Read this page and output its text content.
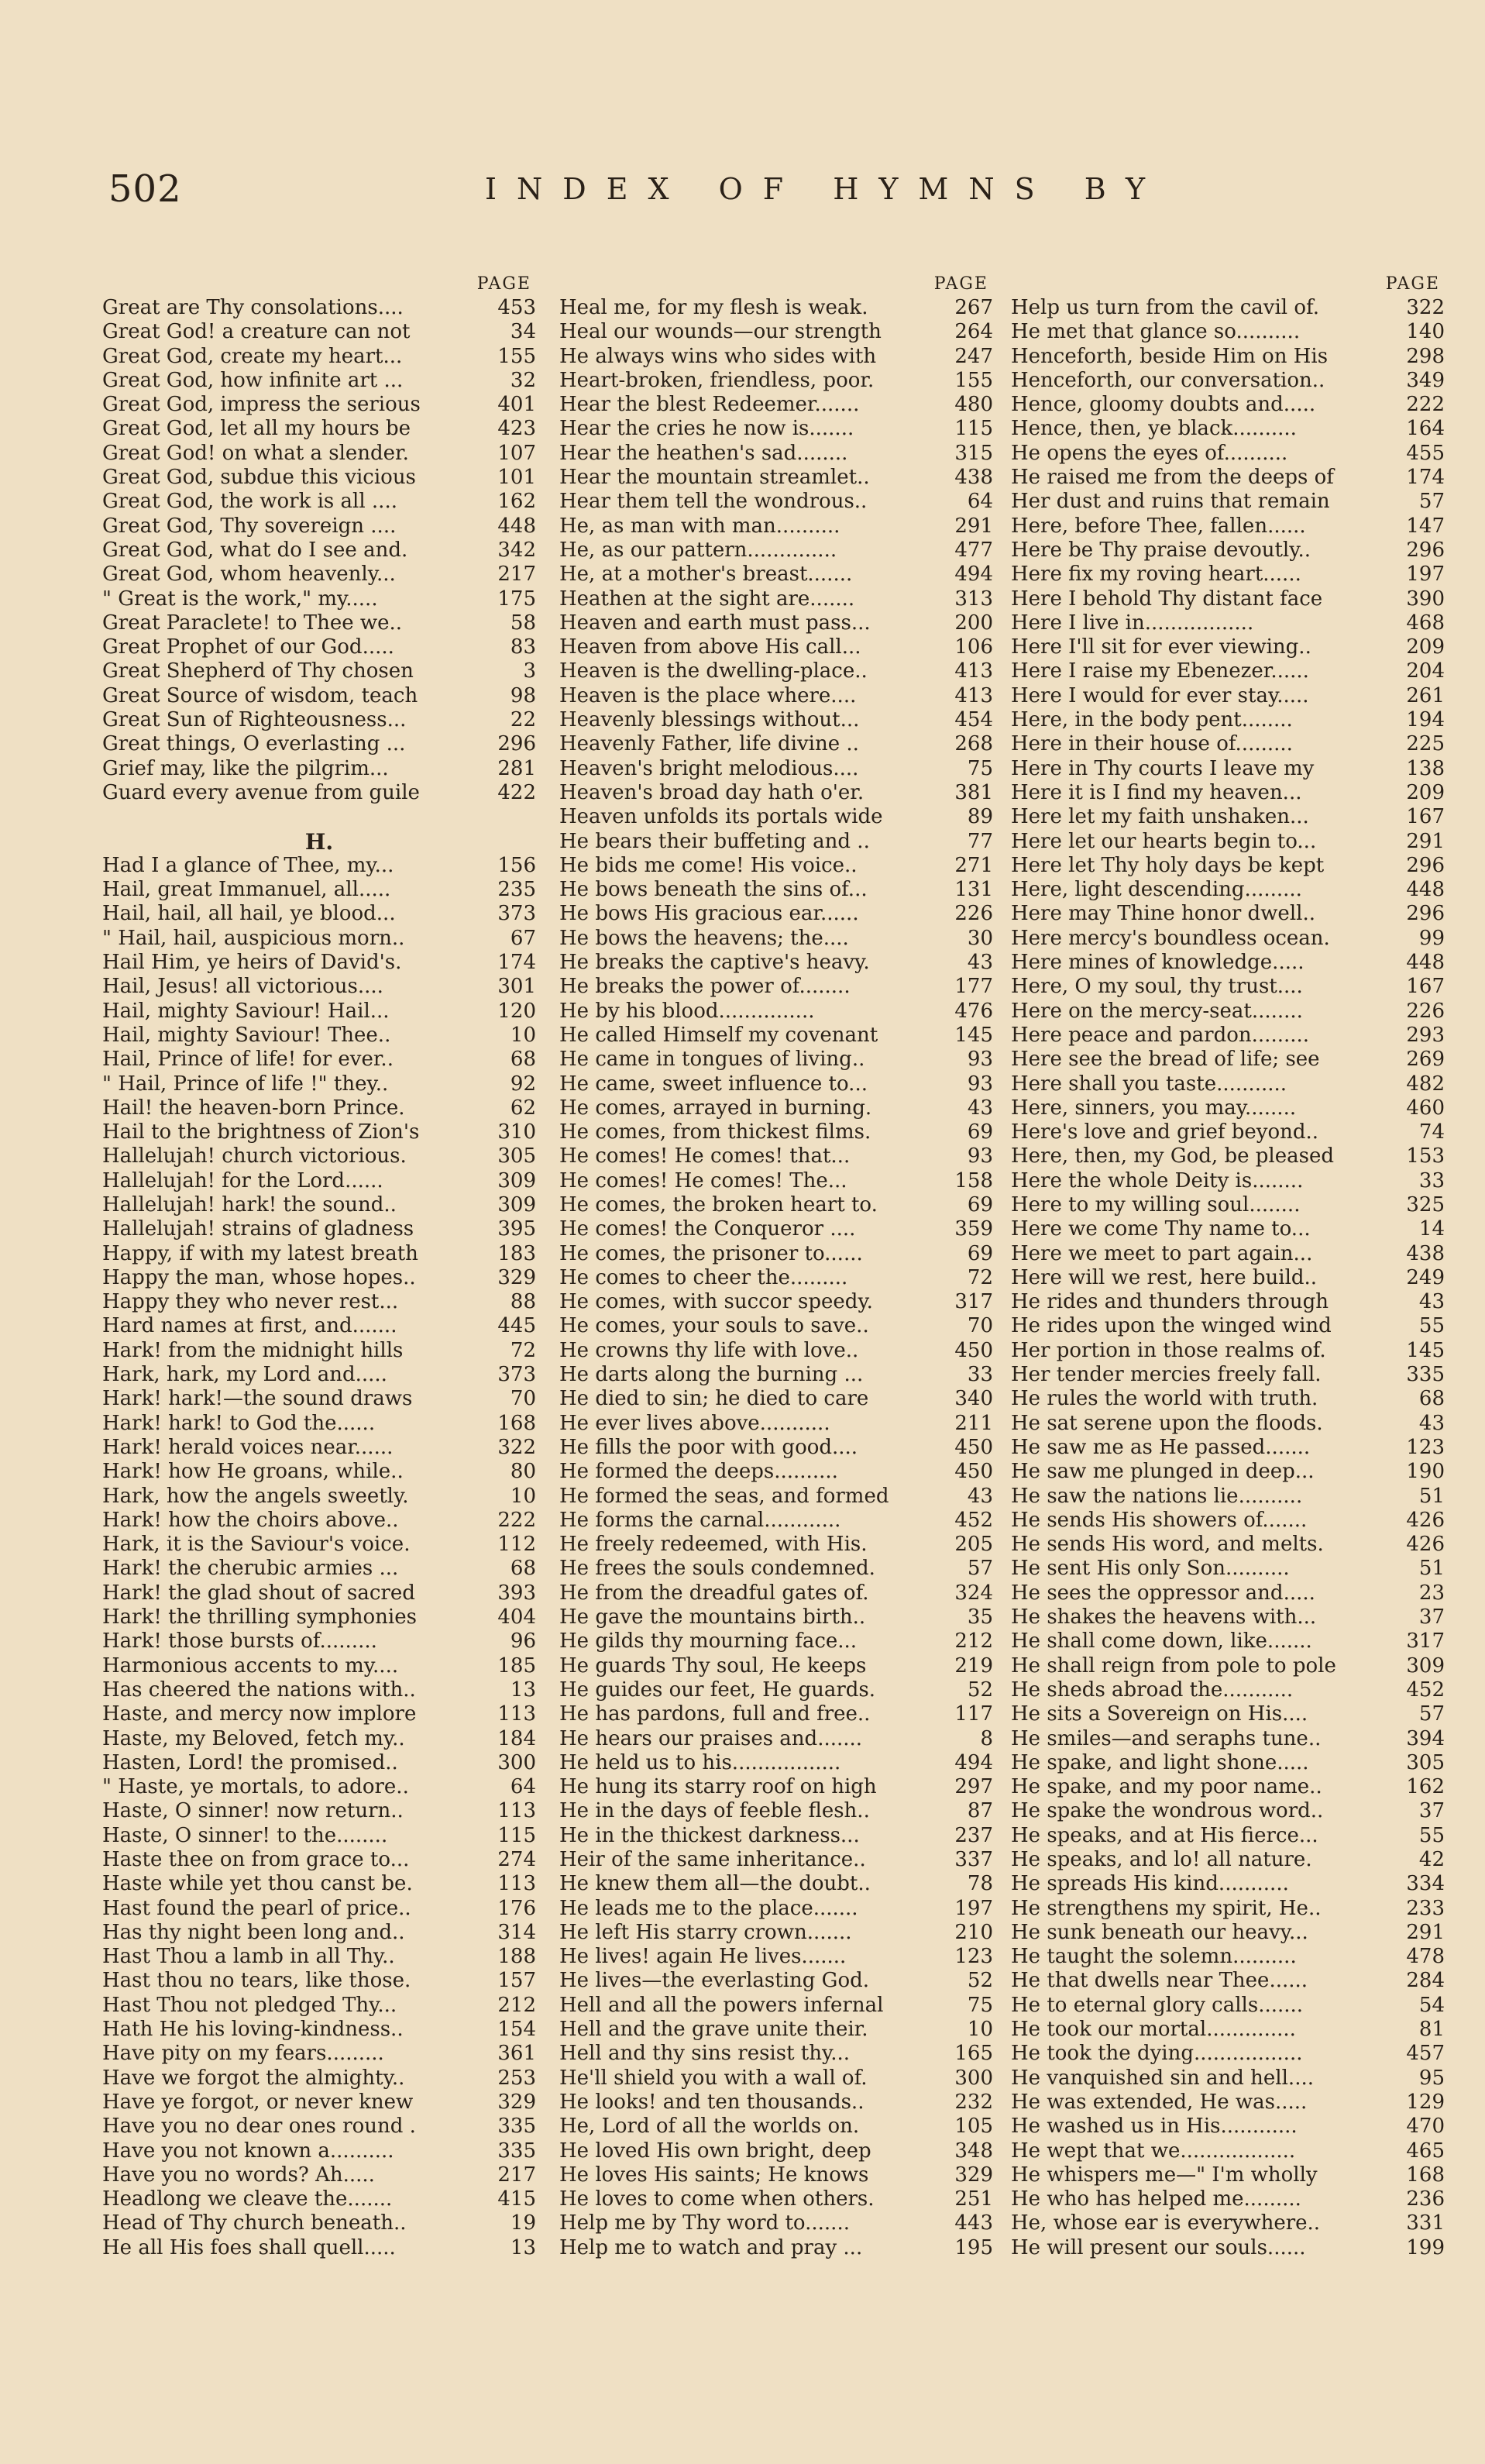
502	INDEX OF HYMNS BY
PAGE
Great are Thy consolations....	453
Great God! a creature can not	34
Great God, create my heart...	155
Great God, how infinite art ...	32
Great God, impress the serious	401
Great God, let all my hours be	423
Great God! on what a slender.	107
Great God, subdue this vicious	101
Great God, the work is all ....	162
Great God, Thy sovereign ....	448
Great God, what do I see and.	342
Great God, whom heavenly...	217
" Great is the work," my.....	175
Great Paraclete! to Thee we..	58
Great Prophet of our God.....	83
Great Shepherd of Thy chosen	3
Great Source of wisdom, teach	98
Great Sun of Righteousness...	22
Great things, O everlasting ...	296
Grief may, like the pilgrim...	281
Guard every avenue from guile	422
H.
Had I a glance of Thee, my...	156
Hail, great Immanuel, all.....	235
Hail, hail, all hail, ye blood...	373
" Hail, hail, auspicious morn..	67
Hail Him, ye heirs of David's.	174
Hail, Jesus! all victorious....	301
Hail, mighty Saviour! Hail...	120
Hail, mighty Saviour! Thee..	10
Hail, Prince of life! for ever..	68
" Hail, Prince of life !" they..	92
Hail! the heaven-born Prince.	62
Hail to the brightness of Zion's	310
Hallelujah! church victorious.	305
Hallelujah! for the Lord......	309
Hallelujah! hark! the sound..	309
Hallelujah! strains of gladness	395
Happy, if with my latest breath	183
Happy the man, whose hopes..	329
Happy they who never rest...	88
Hard names at first, and.......	445
Hark! from the midnight hills	72
Hark, hark, my Lord and.....	373
Hark! hark!—the sound draws	70
Hark! hark! to God the......	168
Hark! herald voices near......	322
Hark! how He groans, while..	80
Hark, how the angels sweetly.	10
Hark! how the choirs above..	222
Hark, it is the Saviour's voice.	112
Hark! the cherubic armies ...	68
Hark! the glad shout of sacred	393
Hark! the thrilling symphonies	404
Hark! those bursts of.........	96
Harmonious accents to my....	185
Has cheered the nations with..	13
Haste, and mercy now implore	113
Haste, my Beloved, fetch my..	184
Hasten, Lord! the promised..	300
" Haste, ye mortals, to adore..	64
Haste, O sinner! now return..	113
Haste, O sinner! to the........	115
Haste thee on from grace to...	274
Haste while yet thou canst be.	113
Hast found the pearl of price..	176
Has thy night been long and..	314
Hast Thou a lamb in all Thy..	188
Hast thou no tears, like those.	157
Hast Thou not pledged Thy...	212
Hath He his loving-kindness..	154
Have pity on my fears.........	361
Have we forgot the almighty..	253
Have ye forgot, or never knew	329
Have you no dear ones round .	335
Have you not known a..........	335
Have you no words? Ah.....	217
Headlong we cleave the.......	415
Head of Thy church beneath..	19
He all His foes shall quell.....	13
PAGE
Heal me, for my flesh is weak.	267
Heal our wounds—our strength	264
He always wins who sides with	247
Heart-broken, friendless, poor.	155
Hear the blest Redeemer.......	480
Hear the cries he now is.......	115
Hear the heathen's sad........	315
Hear the mountain streamlet..	438
Hear them tell the wondrous..	64
He, as man with man..........	291
He, as our pattern..............	477
He, at a mother's breast.......	494
Heathen at the sight are.......	313
Heaven and earth must pass...	200
Heaven from above His call...	106
Heaven is the dwelling-place..	413
Heaven is the place where....	413
Heavenly blessings without...	454
Heavenly Father, life divine ..	268
Heaven's bright melodious....	75
Heaven's broad day hath o'er.	381
Heaven unfolds its portals wide	89
He bears their buffeting and ..	77
He bids me come! His voice..	271
He bows beneath the sins of...	131
He bows His gracious ear......	226
He bows the heavens; the....	30
He breaks the captive's heavy.	43
He breaks the power of........	177
He by his blood...............	476
He called Himself my covenant	145
He came in tongues of living..	93
He came, sweet influence to...	93
He comes, arrayed in burning.	43
He comes, from thickest films.	69
He comes! He comes! that...	93
He comes! He comes! The...	158
He comes, the broken heart to.	69
He comes! the Conqueror ....	359
He comes, the prisoner to......	69
He comes to cheer the.........	72
He comes, with succor speedy.	317
He comes, your souls to save..	70
He crowns thy life with love..	450
He darts along the burning ...	33
He died to sin; he died to care	340
He ever lives above...........	211
He fills the poor with good....	450
He formed the deeps..........	450
He formed the seas, and formed	43
He forms the carnal............	452
He freely redeemed, with His.	205
He frees the souls condemned.	57
He from the dreadful gates of.	324
He gave the mountains birth..	35
He gilds thy mourning face...	212
He guards Thy soul, He keeps	219
He guides our feet, He guards.	52
He has pardons, full and free..	117
He hears our praises and.......	8
He held us to his.................	494
He hung its starry roof on high	297
He in the days of feeble flesh..	87
He in the thickest darkness...	237
Heir of the same inheritance..	337
He knew them all—the doubt..	78
He leads me to the place.......	197
He left His starry crown.......	210
He lives! again He lives.......	123
He lives—the everlasting God.	52
Hell and all the powers infernal	75
Hell and the grave unite their.	10
Hell and thy sins resist thy...	165
He'll shield you with a wall of.	300
He looks! and ten thousands..	232
He, Lord of all the worlds on.	105
He loved His own bright, deep	348
He loves His saints; He knows	329
He loves to come when others.	251
Help me by Thy word to.......	443
Help me to watch and pray ...	195
PAGE
Help us turn from the cavil of.	322
He met that glance so..........	140
Henceforth, beside Him on His	298
Henceforth, our conversation..	349
Hence, gloomy doubts and.....	222
Hence, then, ye black..........	164
He opens the eyes of..........	455
He raised me from the deeps of	174
Her dust and ruins that remain	57
Here, before Thee, fallen......	147
Here be Thy praise devoutly..	296
Here fix my roving heart......	197
Here I behold Thy distant face	390
Here I live in.................	468
Here I'll sit for ever viewing..	209
Here I raise my Ebenezer......	204
Here I would for ever stay.....	261
Here, in the body pent........	194
Here in their house of.........	225
Here in Thy courts I leave my	138
Here it is I find my heaven...	209
Here let my faith unshaken...	167
Here let our hearts begin to...	291
Here let Thy holy days be kept	296
Here, light descending.........	448
Here may Thine honor dwell..	296
Here mercy's boundless ocean.	99
Here mines of knowledge.....	448
Here, O my soul, thy trust....	167
Here on the mercy-seat........	226
Here peace and pardon.........	293
Here see the bread of life; see	269
Here shall you taste...........	482
Here, sinners, you may........	460
Here's love and grief beyond..	74
Here, then, my God, be pleased	153
Here the whole Deity is........	33
Here to my willing soul........	325
Here we come Thy name to...	14
Here we meet to part again...	438
Here will we rest, here build..	249
He rides and thunders through	43
He rides upon the winged wind	55
Her portion in those realms of.	145
Her tender mercies freely fall.	335
He rules the world with truth.	68
He sat serene upon the floods.	43
He saw me as He passed.......	123
He saw me plunged in deep...	190
He saw the nations lie..........	51
He sends His showers of.......	426
He sends His word, and melts.	426
He sent His only Son..........	51
He sees the oppressor and.....	23
He shakes the heavens with...	37
He shall come down, like.......	317
He shall reign from pole to pole	309
He sheds abroad the...........	452
He sits a Sovereign on His....	57
He smiles—and seraphs tune..	394
He spake, and light shone.....	305
He spake, and my poor name..	162
He spake the wondrous word..	37
He speaks, and at His fierce...	55
He speaks, and lo! all nature.	42
He spreads His kind...........	334
He strengthens my spirit, He..	233
He sunk beneath our heavy...	291
He taught the solemn..........	478
He that dwells near Thee......	284
He to eternal glory calls.......	54
He took our mortal..............	81
He took the dying.................	457
He vanquished sin and hell....	95
He was extended, He was.....	129
He washed us in His............	470
He wept that we..................	465
He whispers me—" I'm wholly	168
He who has helped me.........	236
He, whose ear is everywhere..	331
He will present our souls......	199
